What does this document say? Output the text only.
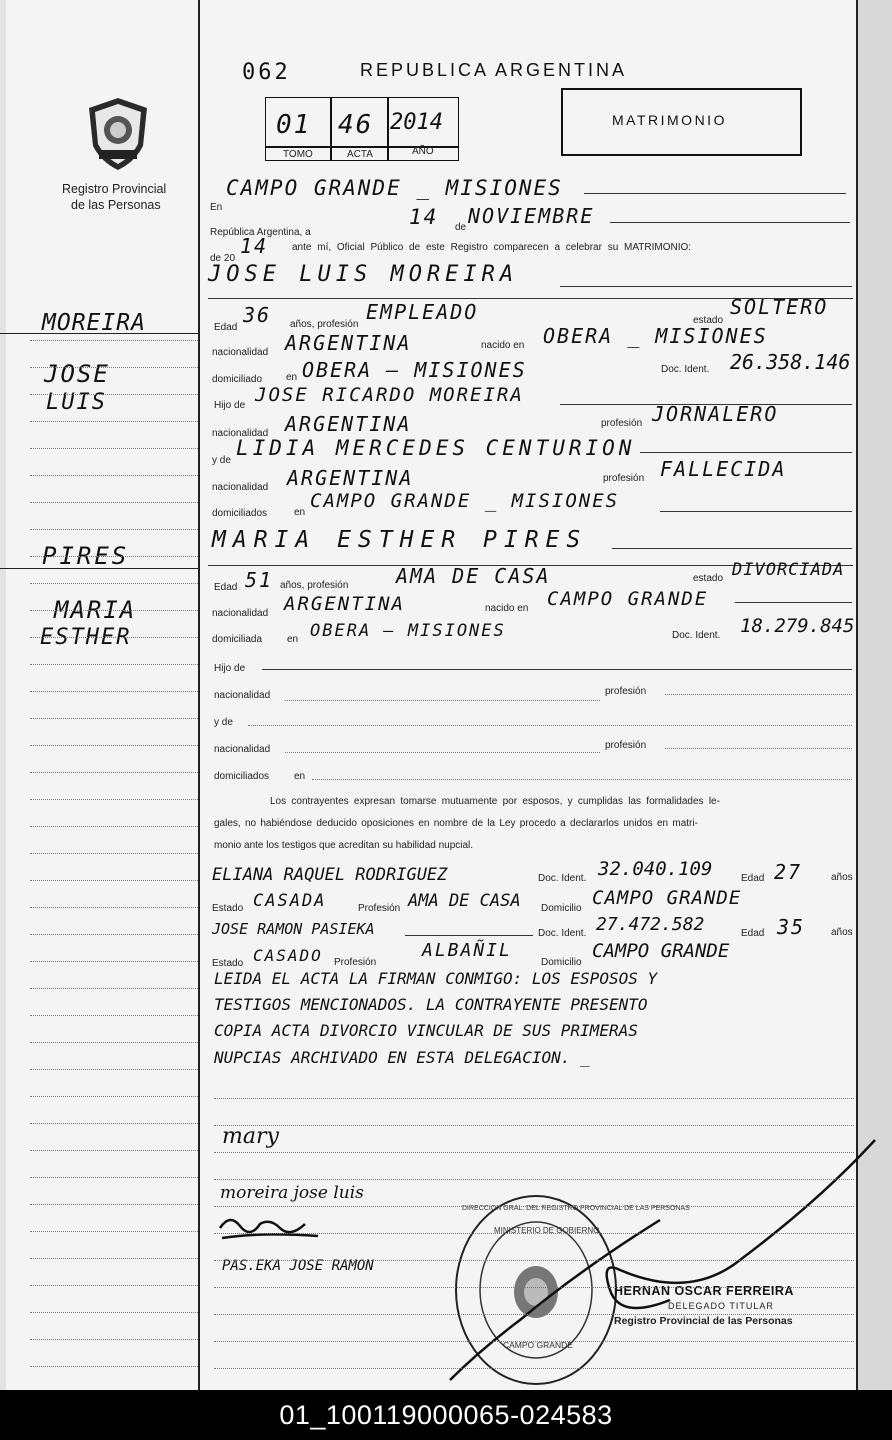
Registro Provincial
de las Personas
062	REPUBLICA ARGENTINA
01 46 2014
TOMO	ACTA	AÑO
MATRIMONIO
En
CAMPO GRANDE _ MISIONES
República Argentina, a
14 de NOVIEMBRE
de 20
14 ante mí, Oficial Público de este Registro comparecen a celebrar su MATRIMONIO:
JOSE LUIS MOREIRA
Edad
36 años, profesión
EMPLEADO	estado
SOLTERO
nacionalidad ARGENTINA	nacido en OBERA _ MISIONES
domiciliado en OBERA — MISIONES	Doc. Ident. 26.358.146
Hijo de JOSE RICARDO MOREIRA
nacionalidad ARGENTINA	profesión JORNALERO
y de
LIDIA MERCEDES CENTURION
nacionalidad ARGENTINA	profesión FALLECIDA
domiciliados	en
CAMPO GRANDE _ MISIONES
MARIA ESTHER PIRES
Edad 51 años, profesión AMA DE CASA	estado DIVORCIADA
nacionalidad ARGENTINA	nacido en CAMPO GRANDE
domiciliada en OBERA — MISIONES	Doc. Ident. 18.279.845
Hijo de
nacionalidad	profesión
y de
nacionalidad	profesión
domiciliados en
Los contrayentes expresan tomarse mutuamente por esposos, y cumplidas las formalidades le-
gales, no habiéndose deducido oposiciones en nombre de la Ley procedo a declararlos unidos en matri-
monio ante los testigos que acreditan su habilidad nupcial.
ELIANA RAQUEL RODRIGUEZ	Doc. Ident. 32.040.109	Edad 27	años
Estado CASADA	Profesión AMA DE CASA Domicilio CAMPO GRANDE
JOSE RAMON PASIEKA	Doc. Ident. 27.472.582	Edad 35	años
Estado CASADO Profesión
ALBAÑIL
Domicilio
CAMPO GRANDE
LEIDA EL ACTA LA FIRMAN CONMIGO: LOS ESPOSOS Y
TESTIGOS MENCIONADOS. LA CONTRAYENTE PRESENTO
COPIA ACTA DIVORCIO VINCULAR DE SUS PRIMERAS
NUPCIAS ARCHIVADO EN ESTA DELEGACION. _
mary
moreira jose luis
PAS.EKA JOSE RAMON
DIRECCION GRAL. DEL REGISTRO PROVINCIAL DE LAS PERSONAS
MINISTERIO DE GOBIERNO
CAMPO GRANDE
HERNAN OSCAR FERREIRA
DELEGADO TITULAR
Registro Provincial de las Personas
MOREIRA
JOSE
LUIS
PIRES
MARIA
ESTHER
01_100119000065-024583
